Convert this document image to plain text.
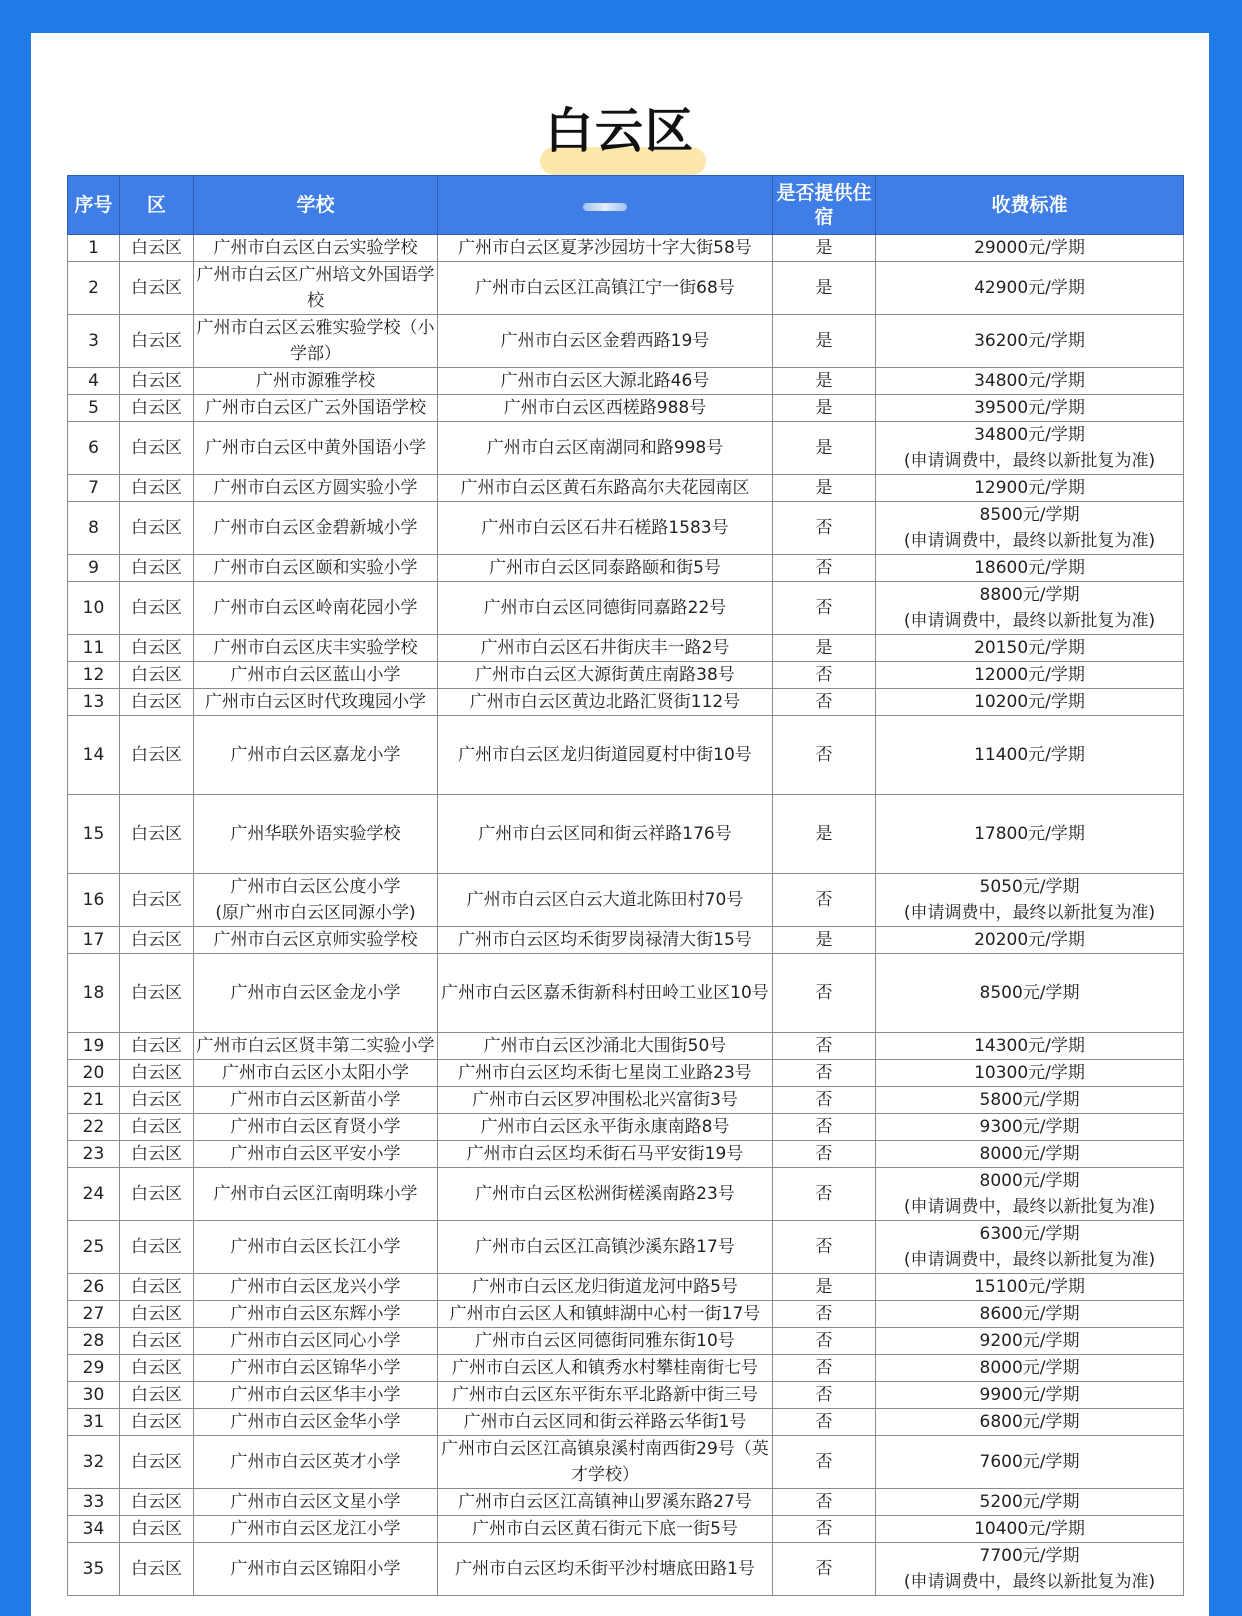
白云区
序号	区	学校		是否提供住宿	收费标准

1	白云区	广州市白云区白云实验学校	广州市白云区夏茅沙园坊十字大街58号	是	29000元/学期

2	白云区	广州市白云区广州培文外国语学校	广州市白云区江高镇江宁一街68号	是	42900元/学期

3	白云区	广州市白云区云雅实验学校（小学部）	广州市白云区金碧西路19号	是	36200元/学期

4	白云区	广州市源雅学校	广州市白云区大源北路46号	是	34800元/学期

5	白云区	广州市白云区广云外国语学校	广州市白云区西槎路988号	是	39500元/学期

6	白云区	广州市白云区中黄外国语小学	广州市白云区南湖同和路998号	是	34800元/学期
(申请调费中，最终以新批复为准)

7	白云区	广州市白云区方圆实验小学	广州市白云区黄石东路高尔夫花园南区	是	12900元/学期

8	白云区	广州市白云区金碧新城小学	广州市白云区石井石槎路1583号	否	8500元/学期
(申请调费中，最终以新批复为准)

9	白云区	广州市白云区颐和实验小学	广州市白云区同泰路颐和街5号	否	18600元/学期

10	白云区	广州市白云区岭南花园小学	广州市白云区同德街同嘉路22号	否	8800元/学期
(申请调费中，最终以新批复为准)

11	白云区	广州市白云区庆丰实验学校	广州市白云区石井街庆丰一路2号	是	20150元/学期

12	白云区	广州市白云区蓝山小学	广州市白云区大源街黄庄南路38号	否	12000元/学期

13	白云区	广州市白云区时代玫瑰园小学	广州市白云区黄边北路汇贤街112号	否	10200元/学期

14	白云区	广州市白云区嘉龙小学	广州市白云区龙归街道园夏村中街10号	否	11400元/学期

15	白云区	广州华联外语实验学校	广州市白云区同和街云祥路176号	是	17800元/学期

16	白云区	广州市白云区公度小学
(原广州市白云区同源小学)	广州市白云区白云大道北陈田村70号	否	5050元/学期
(申请调费中，最终以新批复为准)

17	白云区	广州市白云区京师实验学校	广州市白云区均禾街罗岗禄清大街15号	是	20200元/学期

18	白云区	广州市白云区金龙小学	广州市白云区嘉禾街新科村田岭工业区10号	否	8500元/学期

19	白云区	广州市白云区贤丰第二实验小学	广州市白云区沙涌北大围街50号	否	14300元/学期

20	白云区	广州市白云区小太阳小学	广州市白云区均禾街七星岗工业路23号	否	10300元/学期

21	白云区	广州市白云区新苗小学	广州市白云区罗冲围松北兴富街3号	否	5800元/学期

22	白云区	广州市白云区育贤小学	广州市白云区永平街永康南路8号	否	9300元/学期

23	白云区	广州市白云区平安小学	广州市白云区均禾街石马平安街19号	否	8000元/学期

24	白云区	广州市白云区江南明珠小学	广州市白云区松洲街槎溪南路23号	否	8000元/学期
(申请调费中，最终以新批复为准)

25	白云区	广州市白云区长江小学	广州市白云区江高镇沙溪东路17号	否	6300元/学期
(申请调费中，最终以新批复为准)

26	白云区	广州市白云区龙兴小学	广州市白云区龙归街道龙河中路5号	是	15100元/学期

27	白云区	广州市白云区东辉小学	广州市白云区人和镇蚌湖中心村一街17号	否	8600元/学期

28	白云区	广州市白云区同心小学	广州市白云区同德街同雅东街10号	否	9200元/学期

29	白云区	广州市白云区锦华小学	广州市白云区人和镇秀水村攀桂南街七号	否	8000元/学期

30	白云区	广州市白云区华丰小学	广州市白云区东平街东平北路新中街三号	否	9900元/学期

31	白云区	广州市白云区金华小学	广州市白云区同和街云祥路云华街1号	否	6800元/学期

32	白云区	广州市白云区英才小学	广州市白云区江高镇泉溪村南西街29号（英才学校）	否	7600元/学期

33	白云区	广州市白云区文星小学	广州市白云区江高镇神山罗溪东路27号	否	5200元/学期

34	白云区	广州市白云区龙江小学	广州市白云区黄石街元下底一街5号	否	10400元/学期

35	白云区	广州市白云区锦阳小学	广州市白云区均禾街平沙村塘底田路1号	否	7700元/学期
(申请调费中，最终以新批复为准)
